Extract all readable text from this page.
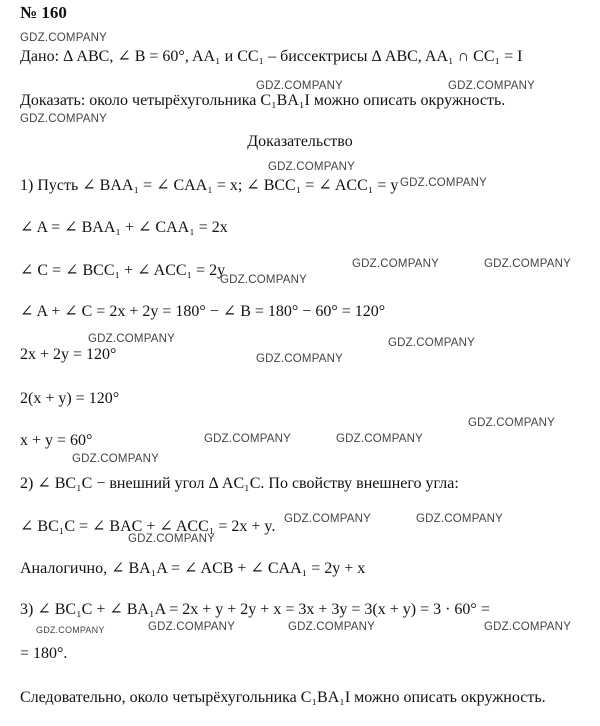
№ 160
Дано: Δ ABC, ∠ B = 60°, AA₁ и CC₁ – биссектрисы Δ ABC, AA₁ ∩ CC₁ = I
Доказать: около четырёхугольника C₁BA₁I можно описать окружность.
Доказательство
1) Пусть ∠ BAA₁ = ∠ CAA₁ = x; ∠ BCC₁ = ∠ ACC₁ = y
∠ A = ∠ BAA₁ + ∠ CAA₁ = 2x
∠ C = ∠ BCC₁ + ∠ ACC₁ = 2y
∠ A + ∠ C = 2x + 2y = 180° − ∠ B = 180° − 60° = 120°
2x + 2y = 120°
2(x + y) = 120°
x + y = 60°
2) ∠ BC₁C − внешний угол Δ AC₁C. По свойству внешнего угла:
∠ BC₁C = ∠ BAC + ∠ ACC₁ = 2x + y.
Аналогично, ∠ BA₁A = ∠ ACB + ∠ CAA₁ = 2y + x
3) ∠ BC₁C + ∠ BA₁A = 2x + y + 2y + x = 3x + 3y = 3(x + y) = 3 · 60° =
= 180°.
Следовательно, около четырёхугольника C₁BA₁I можно описать окружность.
GDZ.COMPANY
GDZ.COMPANY	GDZ.COMPANY
GDZ.COMPANY
GDZ.COMPANY
GDZ.COMPANY
GDZ.COMPANY	GDZ.COMPANY
GDZ.COMPANY
GDZ.COMPANY	GDZ.COMPANY
GDZ.COMPANY
GDZ.COMPANY
GDZ.COMPANY	GDZ.COMPANY
GDZ.COMPANY
GDZ.COMPANY	GDZ.COMPANY
GDZ.COMPANY
GDZ.COMPANY	GDZ.COMPANY	GDZ.COMPANY	GDZ.COMPANY
